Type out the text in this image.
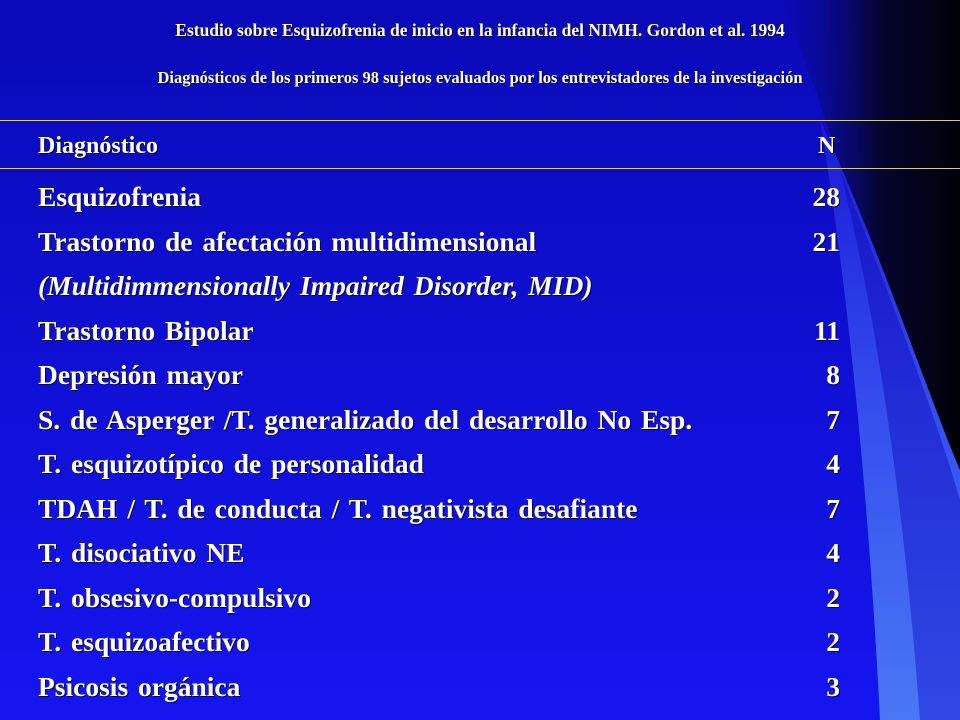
Estudio sobre Esquizofrenia de inicio en la infancia del NIMH. Gordon et al. 1994
Diagnósticos de los primeros 98 sujetos evaluados por los entrevistadores de la investigación
Diagnóstico	N
Esquizofrenia	28
Trastorno de afectación multidimensional	21
(Multidimmensionally Impaired Disorder, MID)
Trastorno Bipolar	11
Depresión mayor	8
S. de Asperger /T. generalizado del desarrollo No Esp.	7
T. esquizotípico de personalidad	4
TDAH / T. de conducta / T. negativista desafiante	7
T. disociativo NE	4
T. obsesivo-compulsivo	2
T. esquizoafectivo	2
Psicosis orgánica	3
